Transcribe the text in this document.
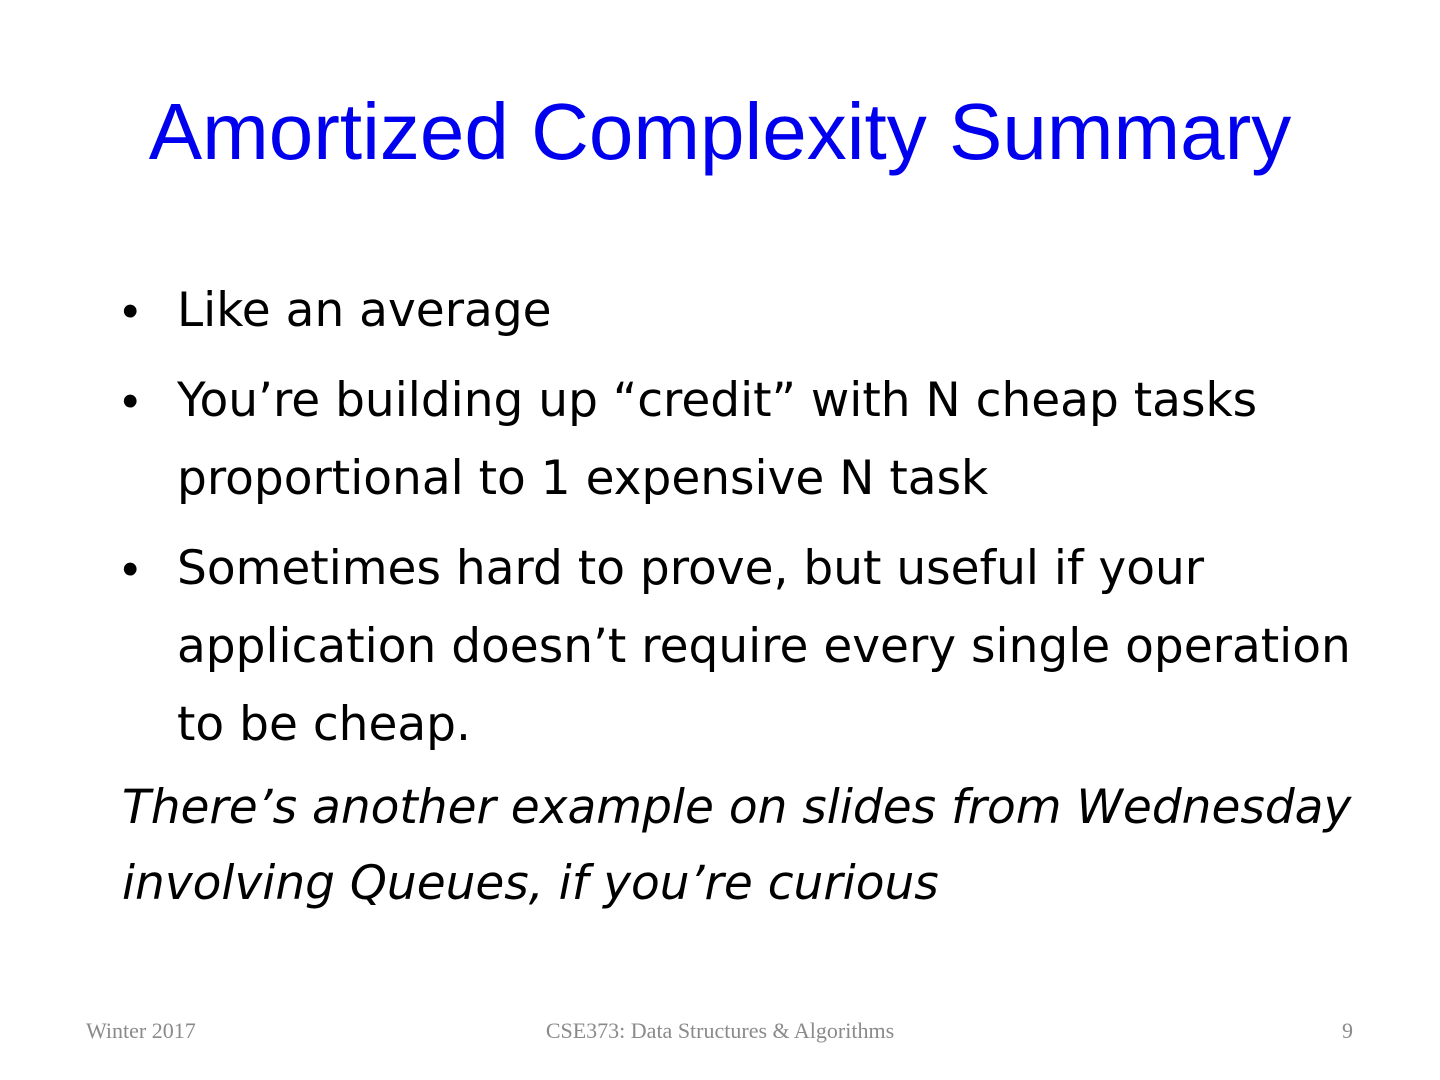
Amortized Complexity Summary
• Like an average
• You’re building up “credit” with N cheap tasks proportional to 1 expensive N task
• Sometimes hard to prove, but useful if your application doesn’t require every single operation to be cheap.

There’s another example on slides from Wednesday involving Queues, if you’re curious

Winter 2017	CSE373: Data Structures & Algorithms	9
